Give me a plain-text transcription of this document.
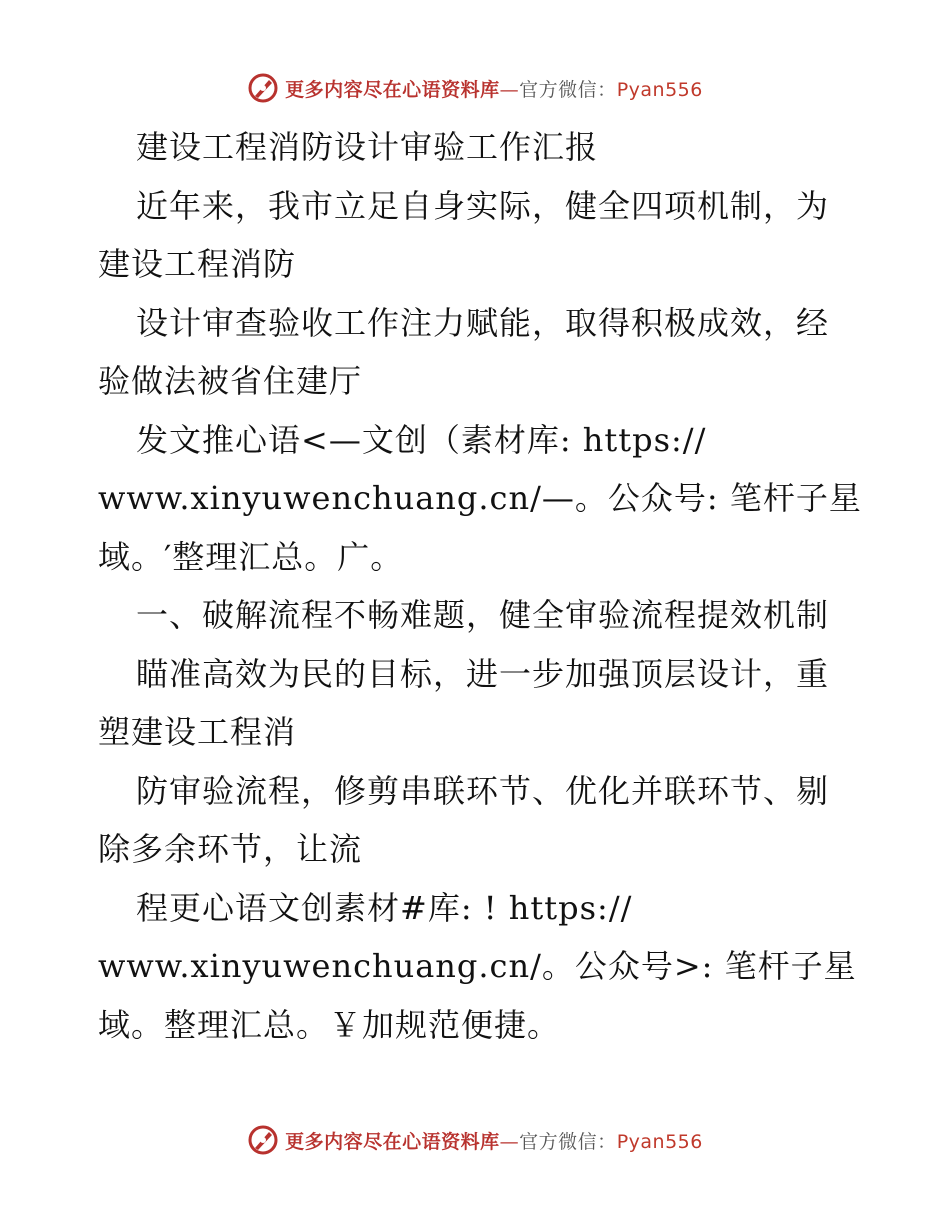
更多内容尽在心语资料库—官方微信：Pyan556
建设工程消防设计审验工作汇报
近年来，我市立足自身实际，健全四项机制，为
建设工程消防
设计审查验收工作注力赋能，取得积极成效，经
验做法被省住建厅
发文推心语<—文创（素材库: https://
www.xinyuwenchuang.cn/—。公众号: 笔杆子星
域。′整理汇总。广。
一、破解流程不畅难题，健全审验流程提效机制
瞄准高效为民的目标，进一步加强顶层设计，重
塑建设工程消
防审验流程，修剪串联环节、优化并联环节、剔
除多余环节，让流
程更心语文创素材#库: ! https://
www.xinyuwenchuang.cn/。公众号>: 笔杆子星
域。整理汇总。￥加规范便捷。
更多内容尽在心语资料库—官方微信：Pyan556
